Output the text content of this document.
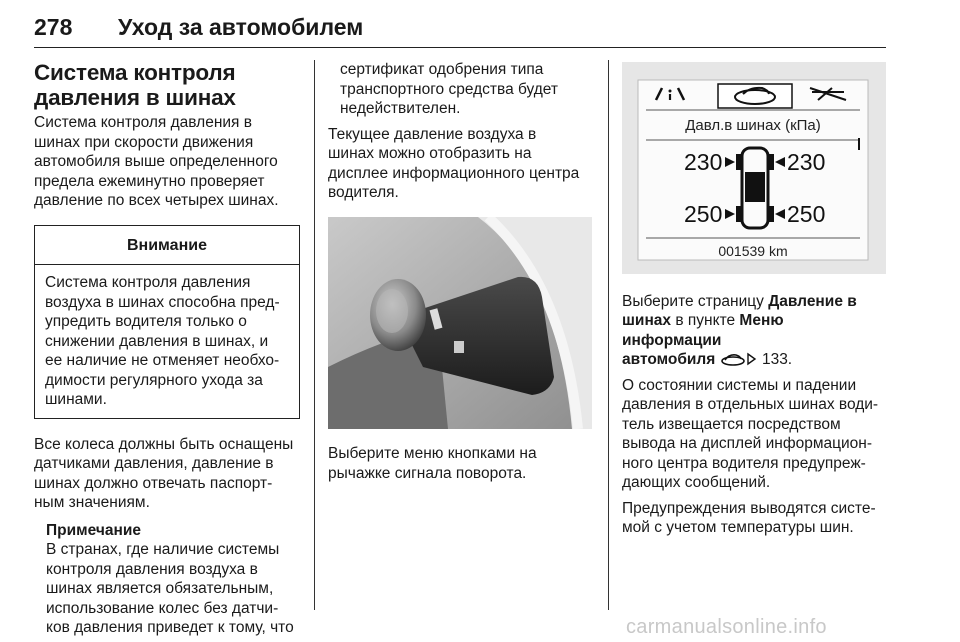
278 Уход за автомобилем
Система контроля
давления в шинах

Система контроля давления в
шинах при скорости движения
автомобиля выше определенного
предела ежеминутно проверяет
давление по всех четырех шинах.

Внимание
Система контроля давления
воздуха в шинах способна пред-
упредить водителя только о
снижении давления в шинах, и
ее наличие не отменяет необхо-
димости регулярного ухода за
шинами.

Все колеса должны быть оснащены
датчиками давления, давление в
шинах должно отвечать паспорт-
ным значениям.

Примечание
В странах, где наличие системы
контроля давления воздуха в
шинах является обязательным,
использование колес без датчи-
ков давления приведет к тому, что

сертификат одобрения типа
транспортного средства будет
недействителен.

Текущее давление воздуха в
шинах можно отобразить на
дисплее информационного центра
водителя.

Выберите меню кнопками на
рычажке сигнала поворота.

Давл.в шинах (кПа)
230	230
250	250
001539 km

Выберите страницу Давление в
шинах в пункте Меню информации
автомобиля	133.

О состоянии системы и падении
давления в отдельных шинах води-
тель извещается посредством
вывода на дисплей информацион-
ного центра водителя предупреж-
дающих сообщений.

Предупреждения выводятся систе-
мой с учетом температуры шин.

carmanualsonline.info
